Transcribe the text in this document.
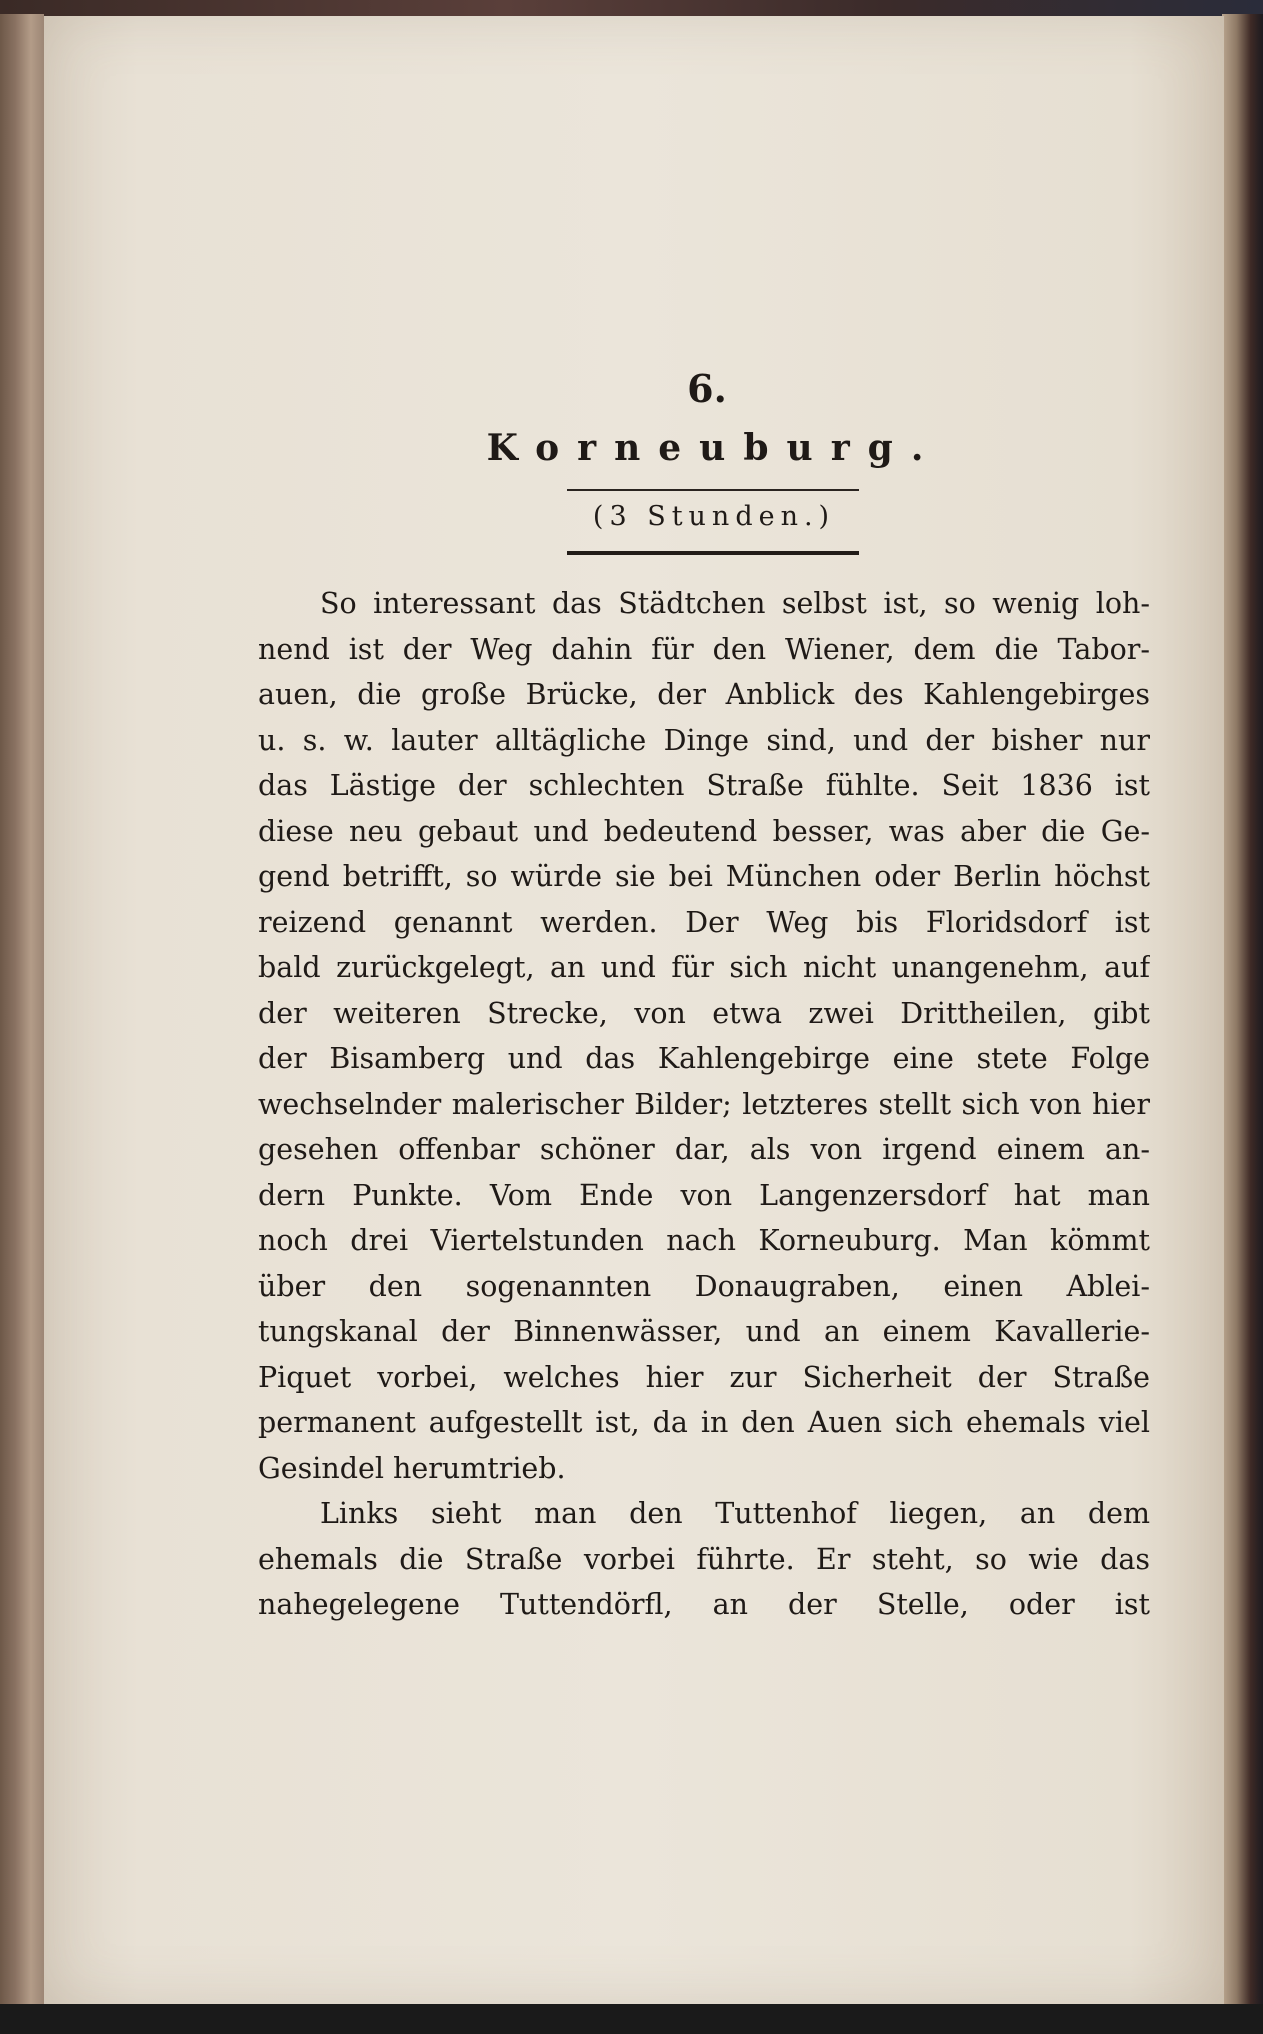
6.
Korneuburg.
(3 Stunden.)
So interessant das Städtchen selbst ist, so wenig loh-
nend ist der Weg dahin für den Wiener, dem die Tabor-
auen, die große Brücke, der Anblick des Kahlengebirges
u. s. w. lauter alltägliche Dinge sind, und der bisher nur
das Lästige der schlechten Straße fühlte. Seit 1836 ist
diese neu gebaut und bedeutend besser, was aber die Ge-
gend betrifft, so würde sie bei München oder Berlin höchst
reizend genannt werden. Der Weg bis Floridsdorf ist
bald zurückgelegt, an und für sich nicht unangenehm, auf
der weiteren Strecke, von etwa zwei Drittheilen, gibt
der Bisamberg und das Kahlengebirge eine stete Folge
wechselnder malerischer Bilder; letzteres stellt sich von hier
gesehen offenbar schöner dar, als von irgend einem an-
dern Punkte. Vom Ende von Langenzersdorf hat man
noch drei Viertelstunden nach Korneuburg. Man kömmt
über den sogenannten Donaugraben, einen Ablei-
tungskanal der Binnenwässer, und an einem Kavallerie-
Piquet vorbei, welches hier zur Sicherheit der Straße
permanent aufgestellt ist, da in den Auen sich ehemals viel
Gesindel herumtrieb.
Links sieht man den Tuttenhof liegen, an dem
ehemals die Straße vorbei führte. Er steht, so wie das
nahegelegene Tuttendörfl, an der Stelle, oder ist
